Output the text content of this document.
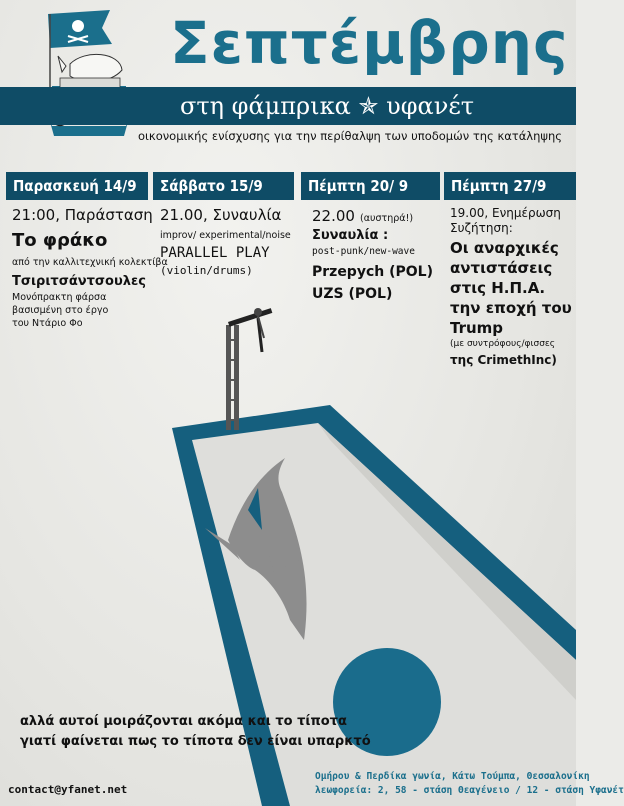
Σεπτέμβρης
στη φάμπρικα ✯ υφανέτ
οικονομικής ενίσχυσης για την περίθαλψη των υποδομών της κατάληψης
Παρασκευή 14/9	Σάββατο 15/9	Πέμπτη 20/ 9	Πέμπτη 27/9
21:00, Παράσταση
Το φράκο
από την καλλιτεχνική κολεκτίβα
Τσιριτσάντσουλες
Μονόπρακτη φάρσα
βασισμένη στο έργο
του Ντάριο Φο
21.00, Συναυλία
improv/ experimental/noise
PARALLEL PLAY
(violin/drums)
22.00 (αυστηρά!)
Συναυλία :
post-punk/new-wave
Przepych (POL)
UZS (POL)
19.00, Ενημέρωση
Συζήτηση:
Οι αναρχικές
αντιστάσεις
στις Η.Π.Α.
την εποχή του
Trump
(με συντρόφους/φισσες
της CrimethInc)
αλλά αυτοί μοιράζονται ακόμα και το τίποτα
γιατί φαίνεται πως το τίποτα δεν είναι υπαρκτό
contact@yfanet.net
Ομήρου & Περδίκα γωνία, Κάτω Τούμπα, Θεσσαλονίκη
λεωφορεία: 2, 58 - στάση Θεαγένειο / 12 - στάση Υφανέτ
